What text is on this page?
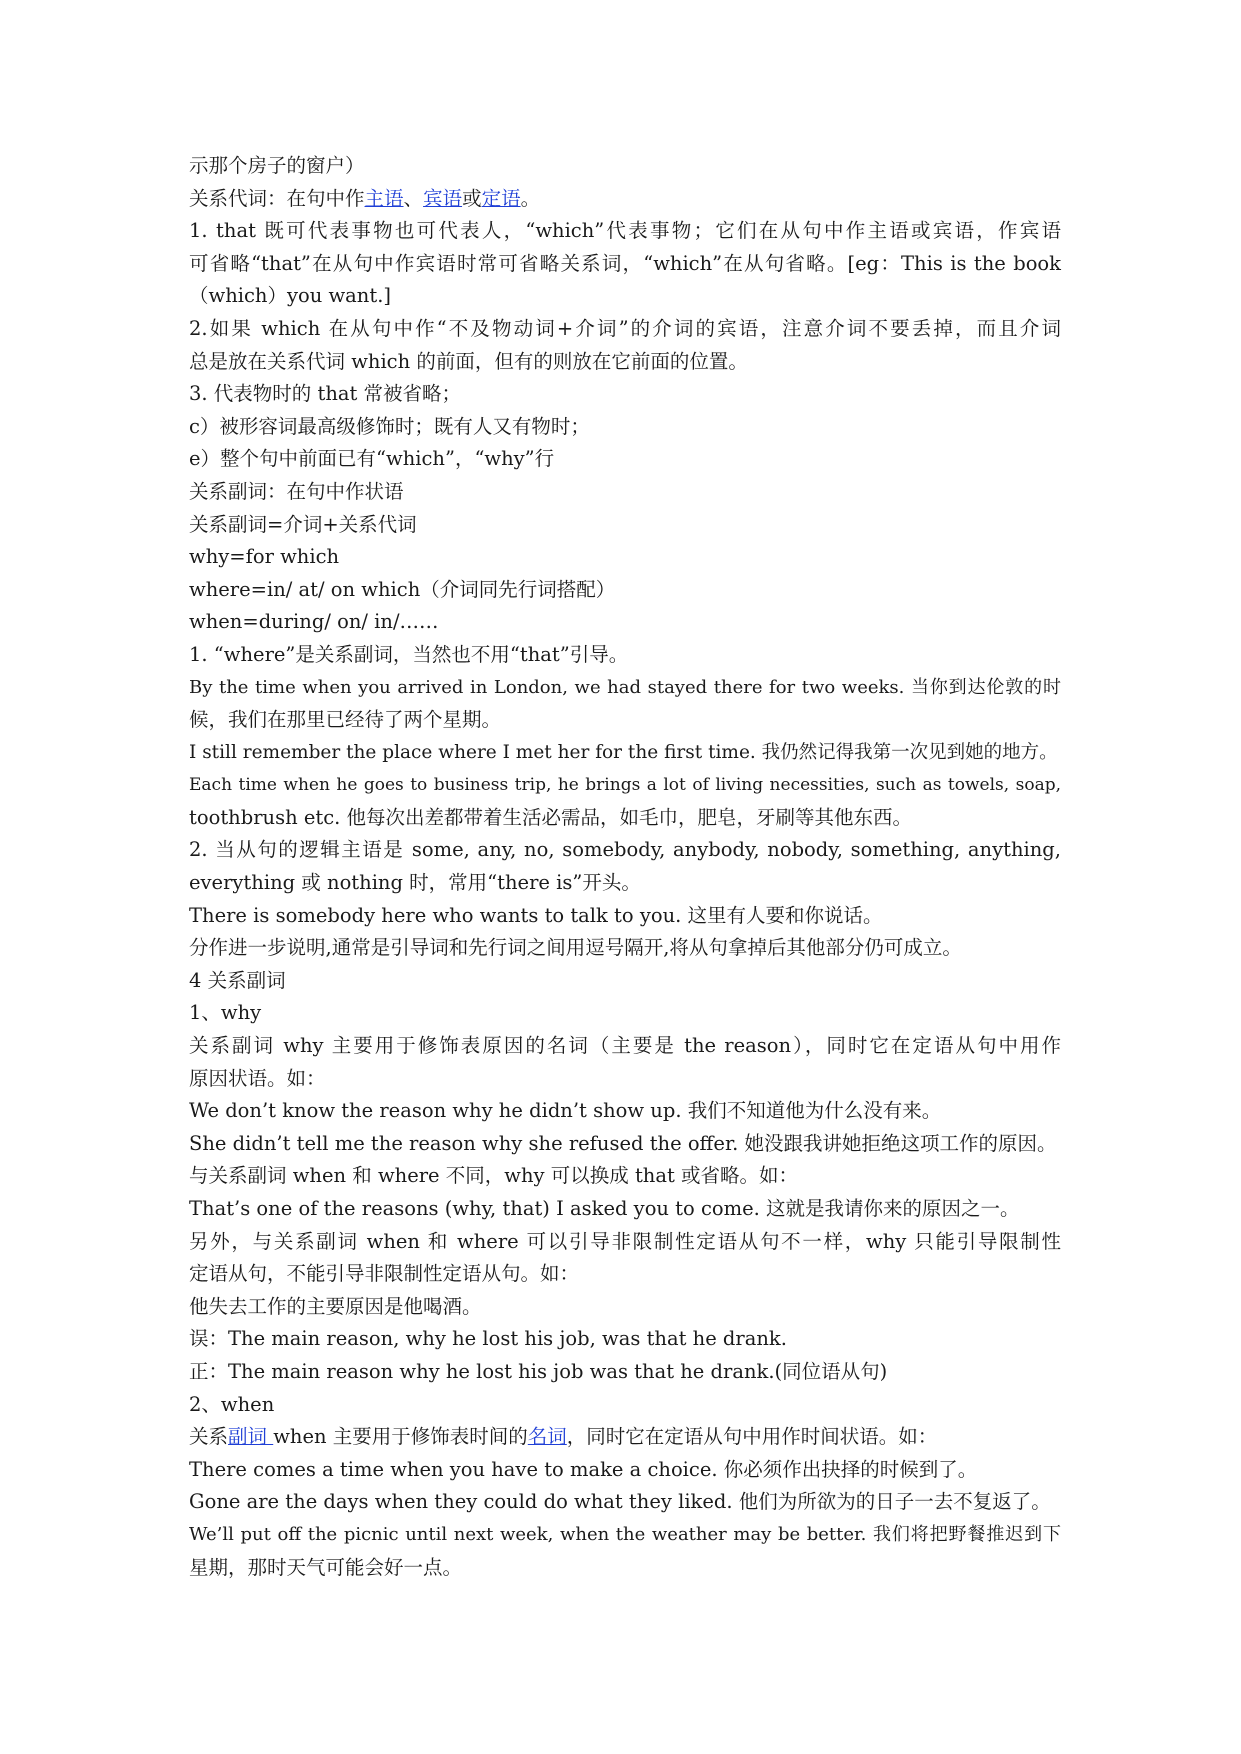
示那个房子的窗户）
关系代词：在句中作主语、宾语或定语。
1. that 既可代表事物也可代表人，“which”代表事物；它们在从句中作主语或宾语，作宾语
可省略“that”在从句中作宾语时常可省略关系词，“which”在从句省略。[eg：This is the book
（which）you want.]
2.如果 which 在从句中作“不及物动词+介词”的介词的宾语，注意介词不要丢掉，而且介词
总是放在关系代词 which 的前面，但有的则放在它前面的位置。
3. 代表物时的 that 常被省略；
c）被形容词最高级修饰时；既有人又有物时；
e）整个句中前面已有“which”，“why”行
关系副词：在句中作状语
关系副词=介词+关系代词
why=for which
where=in/ at/ on which（介词同先行词搭配）
when=during/ on/ in/……
1. “where”是关系副词，当然也不用“that”引导。
By the time when you arrived in London, we had stayed there for two weeks. 当你到达伦敦的时
候，我们在那里已经待了两个星期。
I still remember the place where I met her for the first time. 我仍然记得我第一次见到她的地方。
Each time when he goes to business trip, he brings a lot of living necessities, such as towels, soap,
toothbrush etc. 他每次出差都带着生活必需品，如毛巾，肥皂，牙刷等其他东西。
2. 当从句的逻辑主语是 some, any, no, somebody, anybody, nobody, something, anything,
everything 或 nothing 时，常用“there is”开头。
There is somebody here who wants to talk to you. 这里有人要和你说话。
分作进一步说明,通常是引导词和先行词之间用逗号隔开,将从句拿掉后其他部分仍可成立。
4 关系副词
1、why
关系副词 why 主要用于修饰表原因的名词（主要是 the reason），同时它在定语从句中用作
原因状语。如：
We don’t know the reason why he didn’t show up. 我们不知道他为什么没有来。
She didn’t tell me the reason why she refused the offer. 她没跟我讲她拒绝这项工作的原因。
与关系副词 when 和 where 不同，why 可以换成 that 或省略。如：
That’s one of the reasons (why, that) I asked you to come. 这就是我请你来的原因之一。
另外，与关系副词 when 和 where 可以引导非限制性定语从句不一样，why 只能引导限制性
定语从句，不能引导非限制性定语从句。如：
他失去工作的主要原因是他喝酒。
误：The main reason, why he lost his job, was that he drank.
正：The main reason why he lost his job was that he drank.(同位语从句)
2、when
关系副词 when 主要用于修饰表时间的名词，同时它在定语从句中用作时间状语。如：
There comes a time when you have to make a choice. 你必须作出抉择的时候到了。
Gone are the days when they could do what they liked. 他们为所欲为的日子一去不复返了。
We’ll put off the picnic until next week, when the weather may be better. 我们将把野餐推迟到下
星期，那时天气可能会好一点。
